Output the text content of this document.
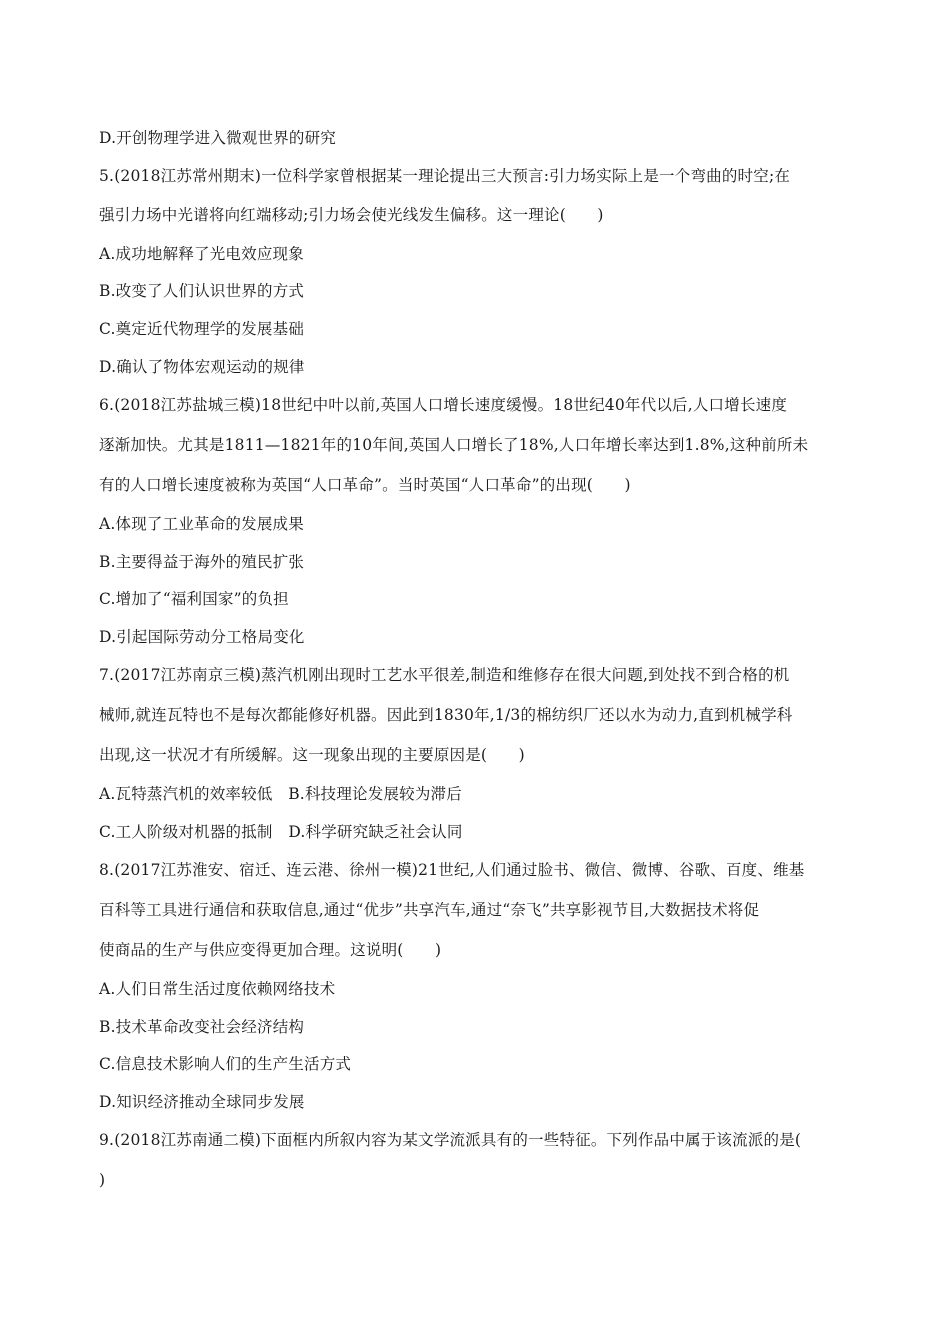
D.开创物理学进入微观世界的研究
5.(2018江苏常州期末)一位科学家曾根据某一理论提出三大预言:引力场实际上是一个弯曲的时空;在
强引力场中光谱将向红端移动;引力场会使光线发生偏移。这一理论(　　)
A.成功地解释了光电效应现象
B.改变了人们认识世界的方式
C.奠定近代物理学的发展基础
D.确认了物体宏观运动的规律
6.(2018江苏盐城三模)18世纪中叶以前,英国人口增长速度缓慢。18世纪40年代以后,人口增长速度
逐渐加快。尤其是1811—1821年的10年间,英国人口增长了18%,人口年增长率达到1.8%,这种前所未
有的人口增长速度被称为英国“人口革命”。当时英国“人口革命”的出现(　　)
A.体现了工业革命的发展成果
B.主要得益于海外的殖民扩张
C.增加了“福利国家”的负担
D.引起国际劳动分工格局变化
7.(2017江苏南京三模)蒸汽机刚出现时工艺水平很差,制造和维修存在很大问题,到处找不到合格的机
械师,就连瓦特也不是每次都能修好机器。因此到1830年,1/3的棉纺织厂还以水为动力,直到机械学科
出现,这一状况才有所缓解。这一现象出现的主要原因是(　　)
A.瓦特蒸汽机的效率较低　B.科技理论发展较为滞后
C.工人阶级对机器的抵制　D.科学研究缺乏社会认同
8.(2017江苏淮安、宿迁、连云港、徐州一模)21世纪,人们通过脸书、微信、微博、谷歌、百度、维基
百科等工具进行通信和获取信息,通过“优步”共享汽车,通过“奈飞”共享影视节目,大数据技术将促
使商品的生产与供应变得更加合理。这说明(　　)
A.人们日常生活过度依赖网络技术
B.技术革命改变社会经济结构
C.信息技术影响人们的生产生活方式
D.知识经济推动全球同步发展
9.(2018江苏南通二模)下面框内所叙内容为某文学流派具有的一些特征。下列作品中属于该流派的是(
)
